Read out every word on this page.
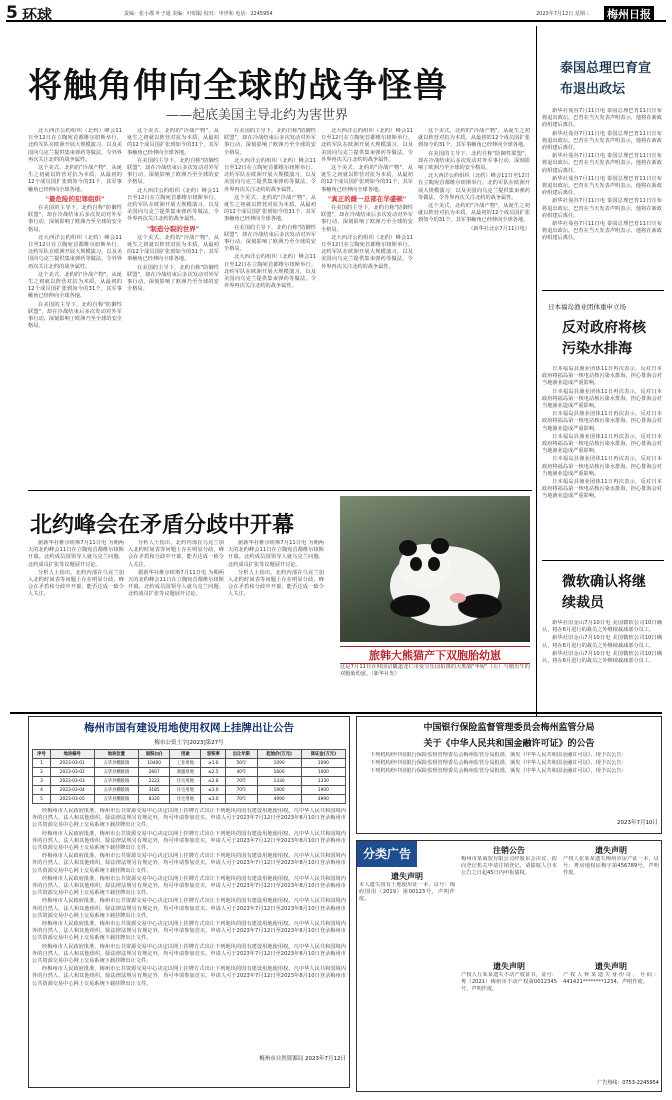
5 环球	责编：张小郡 叶子通 美编：叶昭聪 校对：申世和 电话：2245954	2023年7月12日 星期三 梅州日报
将触角伸向全球的战争怪兽
——起底美国主导北约为害世界

北大西洋公约组织（北约）峰会11日至12日在立陶宛首都维尔纽斯举行。北约军队在欧洲开展大规模演习，以及美国向乌克兰提供集束弹药等做法，令外界再次关注北约的战争属性。

这个美式、北约的"冷战产物"，从诞生之初就以阵营对抗为本质，从最初的12个成员国扩张到如今的31个，其军事触角已经伸向全球各地。

"最危险的犯罪组织"

在美国的主导下，北约自称"防御性联盟"，却在冷战结束后多次发动对外军事行动，深刻影响了欧洲乃至全球的安全格局。

北大西洋公约组织（北约）峰会11日至12日在立陶宛首都维尔纽斯举行。北约军队在欧洲开展大规模演习，以及美国向乌克兰提供集束弹药等做法，令外界再次关注北约的战争属性。

这个美式、北约的"冷战产物"，从诞生之初就以阵营对抗为本质，从最初的12个成员国扩张到如今的31个，其军事触角已经伸向全球各地。

在美国的主导下，北约自称"防御性联盟"，却在冷战结束后多次发动对外军事行动，深刻影响了欧洲乃至全球的安全格局。

这个美式、北约的"冷战产物"，从诞生之初就以阵营对抗为本质，从最初的12个成员国扩张到如今的31个，其军事触角已经伸向全球各地。

在美国的主导下，北约自称"防御性联盟"，却在冷战结束后多次发动对外军事行动，深刻影响了欧洲乃至全球的安全格局。

北大西洋公约组织（北约）峰会11日至12日在立陶宛首都维尔纽斯举行。北约军队在欧洲开展大规模演习，以及美国向乌克兰提供集束弹药等做法，令外界再次关注北约的战争属性。

"制造分裂的世界"

这个美式、北约的"冷战产物"，从诞生之初就以阵营对抗为本质，从最初的12个成员国扩张到如今的31个，其军事触角已经伸向全球各地。

在美国的主导下，北约自称"防御性联盟"，却在冷战结束后多次发动对外军事行动，深刻影响了欧洲乃至全球的安全格局。

在美国的主导下，北约自称"防御性联盟"，却在冷战结束后多次发动对外军事行动，深刻影响了欧洲乃至全球的安全格局。

北大西洋公约组织（北约）峰会11日至12日在立陶宛首都维尔纽斯举行。北约军队在欧洲开展大规模演习，以及美国向乌克兰提供集束弹药等做法，令外界再次关注北约的战争属性。

这个美式、北约的"冷战产物"，从诞生之初就以阵营对抗为本质，从最初的12个成员国扩张到如今的31个，其军事触角已经伸向全球各地。

在美国的主导下，北约自称"防御性联盟"，却在冷战结束后多次发动对外军事行动，深刻影响了欧洲乃至全球的安全格局。

北大西洋公约组织（北约）峰会11日至12日在立陶宛首都维尔纽斯举行。北约军队在欧洲开展大规模演习，以及美国向乌克兰提供集束弹药等做法，令外界再次关注北约的战争属性。

北大西洋公约组织（北约）峰会11日至12日在立陶宛首都维尔纽斯举行。北约军队在欧洲开展大规模演习，以及美国向乌克兰提供集束弹药等做法，令外界再次关注北约的战争属性。

这个美式、北约的"冷战产物"，从诞生之初就以阵营对抗为本质，从最初的12个成员国扩张到如今的31个，其军事触角已经伸向全球各地。

"真正的雌一总部在华盛顿"

在美国的主导下，北约自称"防御性联盟"，却在冷战结束后多次发动对外军事行动，深刻影响了欧洲乃至全球的安全格局。

北大西洋公约组织（北约）峰会11日至12日在立陶宛首都维尔纽斯举行。北约军队在欧洲开展大规模演习，以及美国向乌克兰提供集束弹药等做法，令外界再次关注北约的战争属性。

这个美式、北约的"冷战产物"，从诞生之初就以阵营对抗为本质，从最初的12个成员国扩张到如今的31个，其军事触角已经伸向全球各地。

在美国的主导下，北约自称"防御性联盟"，却在冷战结束后多次发动对外军事行动，深刻影响了欧洲乃至全球的安全格局。

北大西洋公约组织（北约）峰会11日至12日在立陶宛首都维尔纽斯举行。北约军队在欧洲开展大规模演习，以及美国向乌克兰提供集束弹药等做法，令外界再次关注北约的战争属性。

这个美式、北约的"冷战产物"，从诞生之初就以阵营对抗为本质，从最初的12个成员国扩张到如今的31个，其军事触角已经伸向全球各地。

（新华社北京7月11日电）

泰国总理巴育宣布退出政坛

新华社曼谷7月11日电 泰国总理巴育11日宣布将退出政坛。巴育在当天发表声明表示，他将在新政府组建后离任。

新华社曼谷7月11日电 泰国总理巴育11日宣布将退出政坛。巴育在当天发表声明表示，他将在新政府组建后离任。

新华社曼谷7月11日电 泰国总理巴育11日宣布将退出政坛。巴育在当天发表声明表示，他将在新政府组建后离任。

新华社曼谷7月11日电 泰国总理巴育11日宣布将退出政坛。巴育在当天发表声明表示，他将在新政府组建后离任。

新华社曼谷7月11日电 泰国总理巴育11日宣布将退出政坛。巴育在当天发表声明表示，他将在新政府组建后离任。

新华社曼谷7月11日电 泰国总理巴育11日宣布将退出政坛。巴育在当天发表声明表示，他将在新政府组建后离任。

日本福岛渔业团体重申立场
反对政府将核污染水排海

日本福岛县渔业团体11日再次表示，反对日本政府将福岛第一核电站核污染水排海，担心排海会对当地渔业造成严重影响。

日本福岛县渔业团体11日再次表示，反对日本政府将福岛第一核电站核污染水排海，担心排海会对当地渔业造成严重影响。

日本福岛县渔业团体11日再次表示，反对日本政府将福岛第一核电站核污染水排海，担心排海会对当地渔业造成严重影响。

日本福岛县渔业团体11日再次表示，反对日本政府将福岛第一核电站核污染水排海，担心排海会对当地渔业造成严重影响。

日本福岛县渔业团体11日再次表示，反对日本政府将福岛第一核电站核污染水排海，担心排海会对当地渔业造成严重影响。

日本福岛县渔业团体11日再次表示，反对日本政府将福岛第一核电站核污染水排海，担心排海会对当地渔业造成严重影响。

微软确认将继续裁员

新华社旧金山7月10日电 美国微软公司10日确认，将在6月进行的裁员之外继续裁减部分员工。

新华社旧金山7月10日电 美国微软公司10日确认，将在6月进行的裁员之外继续裁减部分员工。

新华社旧金山7月10日电 美国微软公司10日确认，将在6月进行的裁员之外继续裁减部分员工。

北约峰会在矛盾分歧中开幕

据新华社维尔纽斯7月11日电 为期两天的北约峰会11日在立陶宛首都维尔纽斯开幕。北约成员国领导人就乌克兰问题、北约成员扩张等议题展开讨论。

分析人士指出，北约内部在乌克兰加入北约时间表等问题上存在明显分歧，峰会在矛盾和分歧中开幕，能否达成一致令人关注。

分析人士指出，北约内部在乌克兰加入北约时间表等问题上存在明显分歧，峰会在矛盾和分歧中开幕，能否达成一致令人关注。

据新华社维尔纽斯7月11日电 为期两天的北约峰会11日在立陶宛首都维尔纽斯开幕。北约成员国领导人就乌克兰问题、北约成员扩张等议题展开讨论。

据新华社维尔纽斯7月11日电 为期两天的北约峰会11日在立陶宛首都维尔纽斯开幕。北约成员国领导人就乌克兰问题、北约成员扩张等议题展开讨论。

分析人士指出，北约内部在乌克兰加入北约时间表等问题上存在明显分歧，峰会在矛盾和分歧中开幕，能否达成一致令人关注。

旅韩大熊猫产下双胞胎幼崽
这是7月11日在韩国京畿道龙仁市爱宝乐园拍摄的大熊猫"华妮"（左）与刚出生的双胞胎幼崽。（新华社发）
梅州市国有建设用地使用权网上挂牌出让公告
梅市公资土字[2023]第27号
序号	地块编号	地块位置	面积(㎡)	用途	容积率	出让年限	起始价(万元)	保证金(万元)
1	2023-03-01	五华县横陂镇	10400	工业用地	≥1.0	50年	1090	1090
2	2023-03-02	五华县横陂镇	2667	商服用地	≤2.5	40年	1600	1600
3	2023-03-03	五华县横陂镇	2222	住宅用地	≤2.8	70年	1330	1330
4	2023-03-04	五华县横陂镇	3185	住宅用地	≤3.0	70年	1900	1900
5	2023-03-05	五华县横陂镇	8320	住宅用地	≤3.0	70年	4990	4990

经梅州市人民政府批准，梅州市公共资源交易中心决定以网上挂牌方式出让下列地块的国有建设用地使用权。凡中华人民共和国境内外的自然人、法人和其他组织，除法律法规另有规定外，均可申请参加竞买。申请人可于2023年7月12日至2023年8月10日登录梅州市公共资源交易中心网上交易系统下载挂牌出让文件。

经梅州市人民政府批准，梅州市公共资源交易中心决定以网上挂牌方式出让下列地块的国有建设用地使用权。凡中华人民共和国境内外的自然人、法人和其他组织，除法律法规另有规定外，均可申请参加竞买。申请人可于2023年7月12日至2023年8月10日登录梅州市公共资源交易中心网上交易系统下载挂牌出让文件。

经梅州市人民政府批准，梅州市公共资源交易中心决定以网上挂牌方式出让下列地块的国有建设用地使用权。凡中华人民共和国境内外的自然人、法人和其他组织，除法律法规另有规定外，均可申请参加竞买。申请人可于2023年7月12日至2023年8月10日登录梅州市公共资源交易中心网上交易系统下载挂牌出让文件。

经梅州市人民政府批准，梅州市公共资源交易中心决定以网上挂牌方式出让下列地块的国有建设用地使用权。凡中华人民共和国境内外的自然人、法人和其他组织，除法律法规另有规定外，均可申请参加竞买。申请人可于2023年7月12日至2023年8月10日登录梅州市公共资源交易中心网上交易系统下载挂牌出让文件。

经梅州市人民政府批准，梅州市公共资源交易中心决定以网上挂牌方式出让下列地块的国有建设用地使用权。凡中华人民共和国境内外的自然人、法人和其他组织，除法律法规另有规定外，均可申请参加竞买。申请人可于2023年7月12日至2023年8月10日登录梅州市公共资源交易中心网上交易系统下载挂牌出让文件。

经梅州市人民政府批准，梅州市公共资源交易中心决定以网上挂牌方式出让下列地块的国有建设用地使用权。凡中华人民共和国境内外的自然人、法人和其他组织，除法律法规另有规定外，均可申请参加竞买。申请人可于2023年7月12日至2023年8月10日登录梅州市公共资源交易中心网上交易系统下载挂牌出让文件。

经梅州市人民政府批准，梅州市公共资源交易中心决定以网上挂牌方式出让下列地块的国有建设用地使用权。凡中华人民共和国境内外的自然人、法人和其他组织，除法律法规另有规定外，均可申请参加竞买。申请人可于2023年7月12日至2023年8月10日登录梅州市公共资源交易中心网上交易系统下载挂牌出让文件。

经梅州市人民政府批准，梅州市公共资源交易中心决定以网上挂牌方式出让下列地块的国有建设用地使用权。凡中华人民共和国境内外的自然人、法人和其他组织，除法律法规另有规定外，均可申请参加竞买。申请人可于2023年7月12日至2023年8月10日登录梅州市公共资源交易中心网上交易系统下载挂牌出让文件。

梅州市自然资源局 2023年7月12日
中国银行保险监督管理委员会梅州监管分局
关于《中华人民共和国金融许可证》的公告

下列机构经中国银行保险监督管理委员会梅州监管分局批准，颁发《中华人民共和国金融许可证》，现予以公告：

下列机构经中国银行保险监督管理委员会梅州监管分局批准，颁发《中华人民共和国金融许可证》，现予以公告：

下列机构经中国银行保险监督管理委员会梅州监管分局批准，颁发《中华人民共和国金融许可证》，现予以公告：

2023年7月10日
分类广告
遗失声明
本人遗失国有土地使用证一本，证号：梅府国用（2019）第00123号，声明作废。
注销公告
梅州市某商贸有限公司经股东会决议，拟向登记机关申请注销登记，请债权人自本公告之日起45日内申报债权。
遗失声明
产权人丘某某遗失不动产权证书，证号：粤（2021）梅州市不动产权第0012345号，声明作废。
遗失声明
产权人张某某遗失梅州市房产证一本，证号：粤房地权证梅字第456789号，声明作废。
遗失声明
产权人钟某遗失身份证，号码：441421********1234，声明作废。
广告热线：0753-2245954
